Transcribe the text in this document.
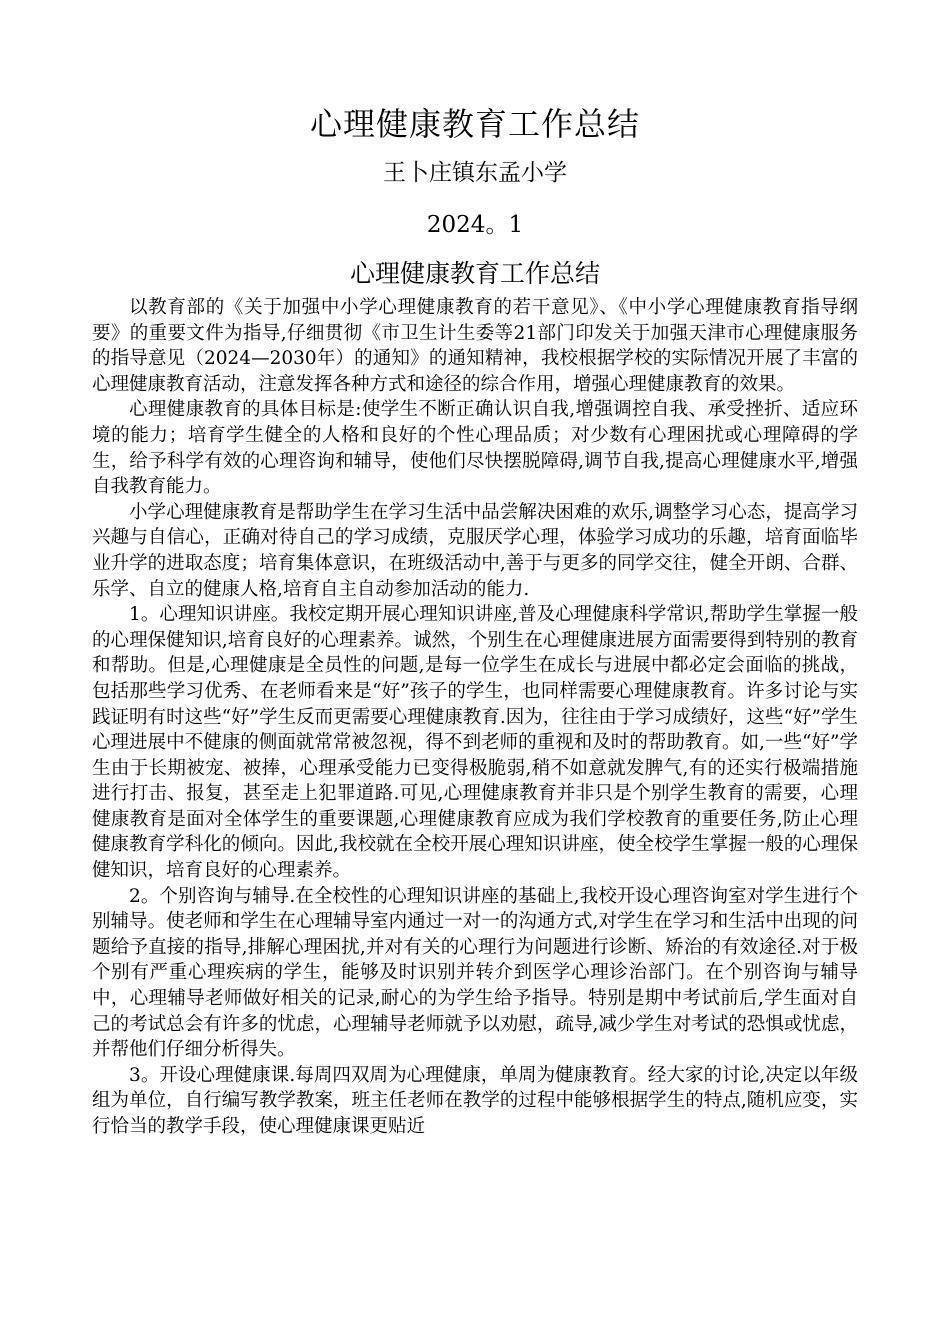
心理健康教育工作总结
王卜庄镇东孟小学
2024。1
心理健康教育工作总结

以教育部的《关于加强中小学心理健康教育的若干意见》、《中小学心理健康教育指导纲要》的重要文件为指导,仔细贯彻《市卫生计生委等21部门印发关于加强天津市心理健康服务的指导意见（2024—2030年）的通知》的通知精神，我校根据学校的实际情况开展了丰富的心理健康教育活动，注意发挥各种方式和途径的综合作用，增强心理健康教育的效果。

心理健康教育的具体目标是:使学生不断正确认识自我,增强调控自我、承受挫折、适应环境的能力；培育学生健全的人格和良好的个性心理品质；对少数有心理困扰或心理障碍的学生，给予科学有效的心理咨询和辅导，使他们尽快摆脱障碍,调节自我,提高心理健康水平,增强自我教育能力。

小学心理健康教育是帮助学生在学习生活中品尝解决困难的欢乐,调整学习心态，提高学习兴趣与自信心，正确对待自己的学习成绩，克服厌学心理，体验学习成功的乐趣，培育面临毕业升学的进取态度；培育集体意识，在班级活动中,善于与更多的同学交往，健全开朗、合群、乐学、自立的健康人格,培育自主自动参加活动的能力.

1。心理知识讲座。我校定期开展心理知识讲座,普及心理健康科学常识,帮助学生掌握一般的心理保健知识,培育良好的心理素养。诚然，个别生在心理健康进展方面需要得到特别的教育和帮助。但是,心理健康是全员性的问题,是每一位学生在成长与进展中都必定会面临的挑战，包括那些学习优秀、在老师看来是“好”孩子的学生，也同样需要心理健康教育。许多讨论与实践证明有时这些“好”学生反而更需要心理健康教育.因为，往往由于学习成绩好，这些“好”学生心理进展中不健康的侧面就常常被忽视，得不到老师的重视和及时的帮助教育。如,一些“好”学生由于长期被宠、被捧，心理承受能力已变得极脆弱,稍不如意就发脾气,有的还实行极端措施进行打击、报复，甚至走上犯罪道路.可见,心理健康教育并非只是个别学生教育的需要，心理健康教育是面对全体学生的重要课题,心理健康教育应成为我们学校教育的重要任务,防止心理健康教育学科化的倾向。因此,我校就在全校开展心理知识讲座，使全校学生掌握一般的心理保健知识，培育良好的心理素养。

2。个别咨询与辅导.在全校性的心理知识讲座的基础上,我校开设心理咨询室对学生进行个别辅导。使老师和学生在心理辅导室内通过一对一的沟通方式,对学生在学习和生活中出现的问题给予直接的指导,排解心理困扰,并对有关的心理行为问题进行诊断、矫治的有效途径.对于极个别有严重心理疾病的学生，能够及时识别并转介到医学心理诊治部门。在个别咨询与辅导中，心理辅导老师做好相关的记录,耐心的为学生给予指导。特别是期中考试前后,学生面对自己的考试总会有许多的忧虑，心理辅导老师就予以劝慰，疏导,减少学生对考试的恐惧或忧虑，并帮他们仔细分析得失。

3。开设心理健康课.每周四双周为心理健康，单周为健康教育。经大家的讨论,决定以年级组为单位，自行编写教学教案，班主任老师在教学的过程中能够根据学生的特点,随机应变，实行恰当的教学手段，使心理健康课更贴近
